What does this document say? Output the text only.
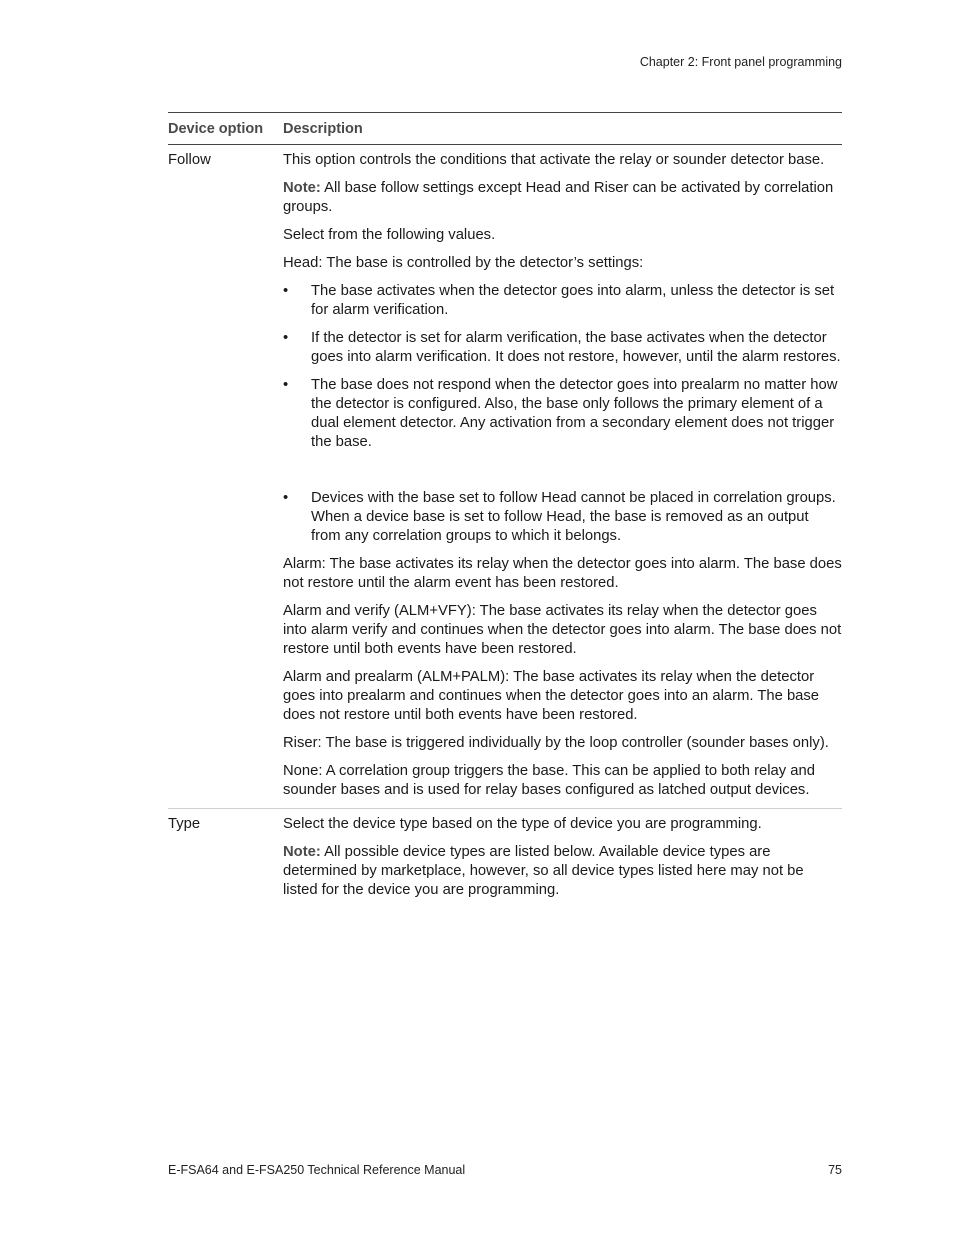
Chapter 2: Front panel programming
Device option	Description
Follow	This option controls the conditions that activate the relay or sounder detector base.

Note: All base follow settings except Head and Riser can be activated by correlation groups.

Select from the following values.

Head: The base is controlled by the detector’s settings:

•	The base activates when the detector goes into alarm, unless the detector is set for alarm verification.
•	If the detector is set for alarm verification, the base activates when the detector goes into alarm verification. It does not restore, however, until the alarm restores.
•	The base does not respond when the detector goes into prealarm no matter how the detector is configured. Also, the base only follows the primary element of a dual element detector. Any activation from a secondary element does not trigger the base.
•	Devices with the base set to follow Head cannot be placed in correlation groups. When a device base is set to follow Head, the base is removed as an output from any correlation groups to which it belongs.

Alarm: The base activates its relay when the detector goes into alarm. The base does not restore until the alarm event has been restored.

Alarm and verify (ALM+VFY): The base activates its relay when the detector goes into alarm verify and continues when the detector goes into alarm. The base does not restore until both events have been restored.

Alarm and prealarm (ALM+PALM): The base activates its relay when the detector goes into prealarm and continues when the detector goes into an alarm. The base does not restore until both events have been restored.

Riser: The base is triggered individually by the loop controller (sounder bases only).

None: A correlation group triggers the base. This can be applied to both relay and sounder bases and is used for relay bases configured as latched output devices.

Type	Select the device type based on the type of device you are programming.

Note: All possible device types are listed below. Available device types are determined by marketplace, however, so all device types listed here may not be listed for the device you are programming.

E-FSA64 and E-FSA250 Technical Reference Manual	75
